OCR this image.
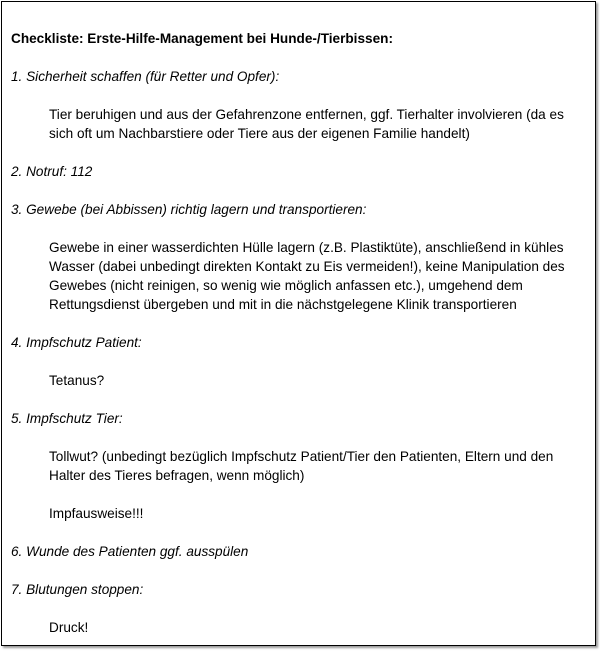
Checkliste: Erste-Hilfe-Management bei Hunde-/Tierbissen:

1. Sicherheit schaffen (für Retter und Opfer):

Tier beruhigen und aus der Gefahrenzone entfernen, ggf. Tierhalter involvieren (da es sich oft um Nachbarstiere oder Tiere aus der eigenen Familie handelt)

2. Notruf: 112

3. Gewebe (bei Abbissen) richtig lagern und transportieren:

Gewebe in einer wasserdichten Hülle lagern (z.B. Plastiktüte), anschließend in kühles Wasser (dabei unbedingt direkten Kontakt zu Eis vermeiden!), keine Manipulation des Gewebes (nicht reinigen, so wenig wie möglich anfassen etc.), umgehend dem Rettungsdienst übergeben und mit in die nächstgelegene Klinik transportieren

4. Impfschutz Patient:

Tetanus?

5. Impfschutz Tier:

Tollwut? (unbedingt bezüglich Impfschutz Patient/Tier den Patienten, Eltern und den Halter des Tieres befragen, wenn möglich)

Impfausweise!!!

6. Wunde des Patienten ggf. ausspülen

7. Blutungen stoppen:

Druck!
